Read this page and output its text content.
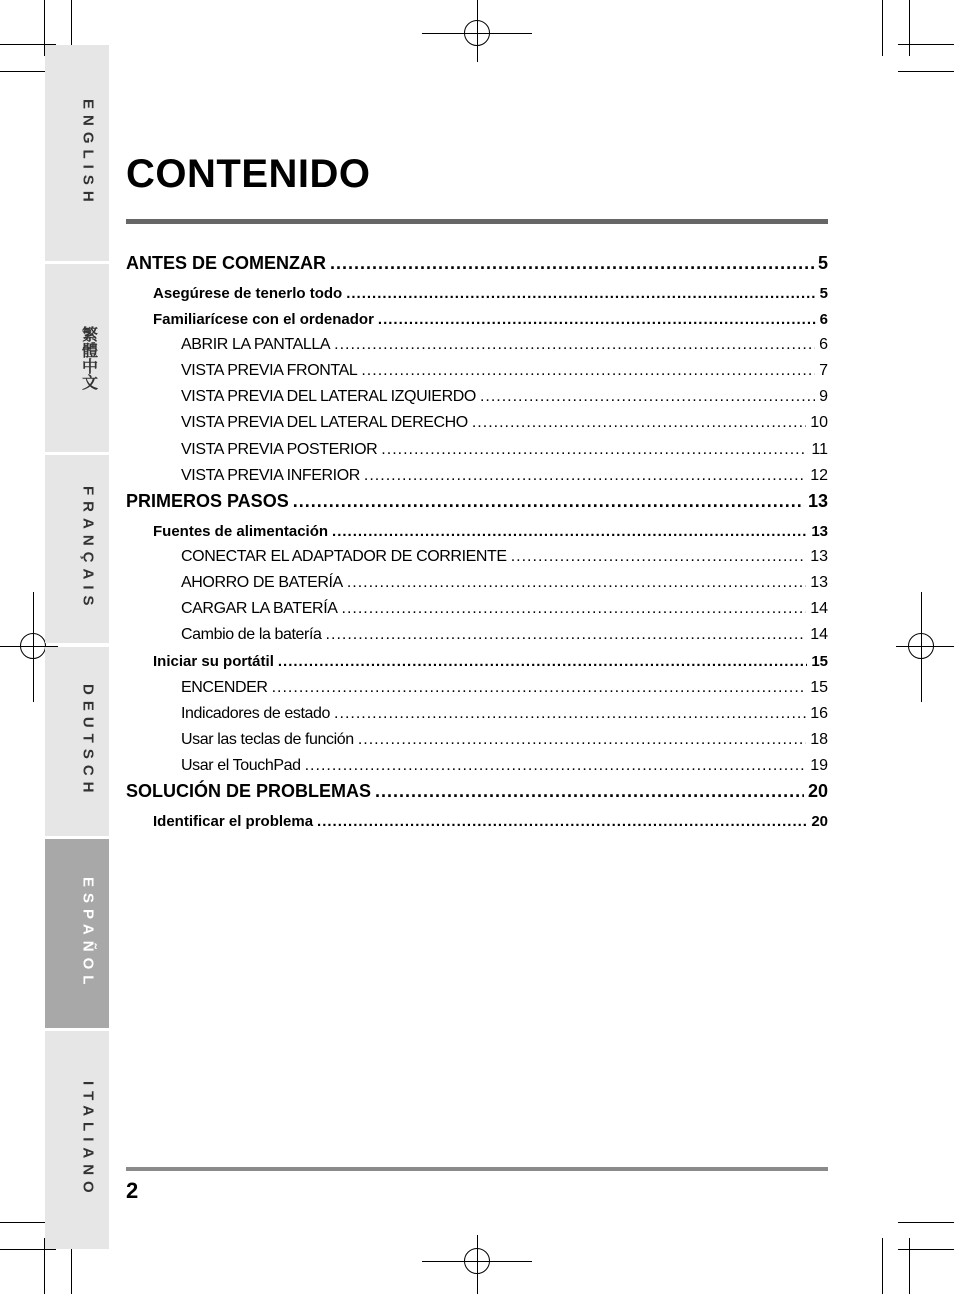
ENGLISH
繁體中文
FRANÇAIS
DEUTSCH
ESPAÑOL
ITALIANO
CONTENIDO
ANTES DE COMENZAR .....	5
Asegúrese de tenerlo todo .....	5
Familiarícese con el ordenador .....	6
ABRIR LA PANTALLA .....	6
VISTA PREVIA FRONTAL .....	7
VISTA PREVIA DEL LATERAL IZQUIERDO .....	9
VISTA PREVIA DEL LATERAL DERECHO .....	10
VISTA PREVIA POSTERIOR .....	11
VISTA PREVIA INFERIOR .....	12
PRIMEROS PASOS .....	13
Fuentes de alimentación .....	13
CONECTAR EL ADAPTADOR DE CORRIENTE .....	13
AHORRO DE BATERÍA .....	13
CARGAR LA BATERÍA .....	14
Cambio de la batería .....	14
Iniciar su portátil .....	15
ENCENDER .....	15
Indicadores de estado .....	16
Usar las teclas de función .....	18
Usar el TouchPad .....	19
SOLUCIÓN DE PROBLEMAS .....	20
Identificar el problema .....	20
2
